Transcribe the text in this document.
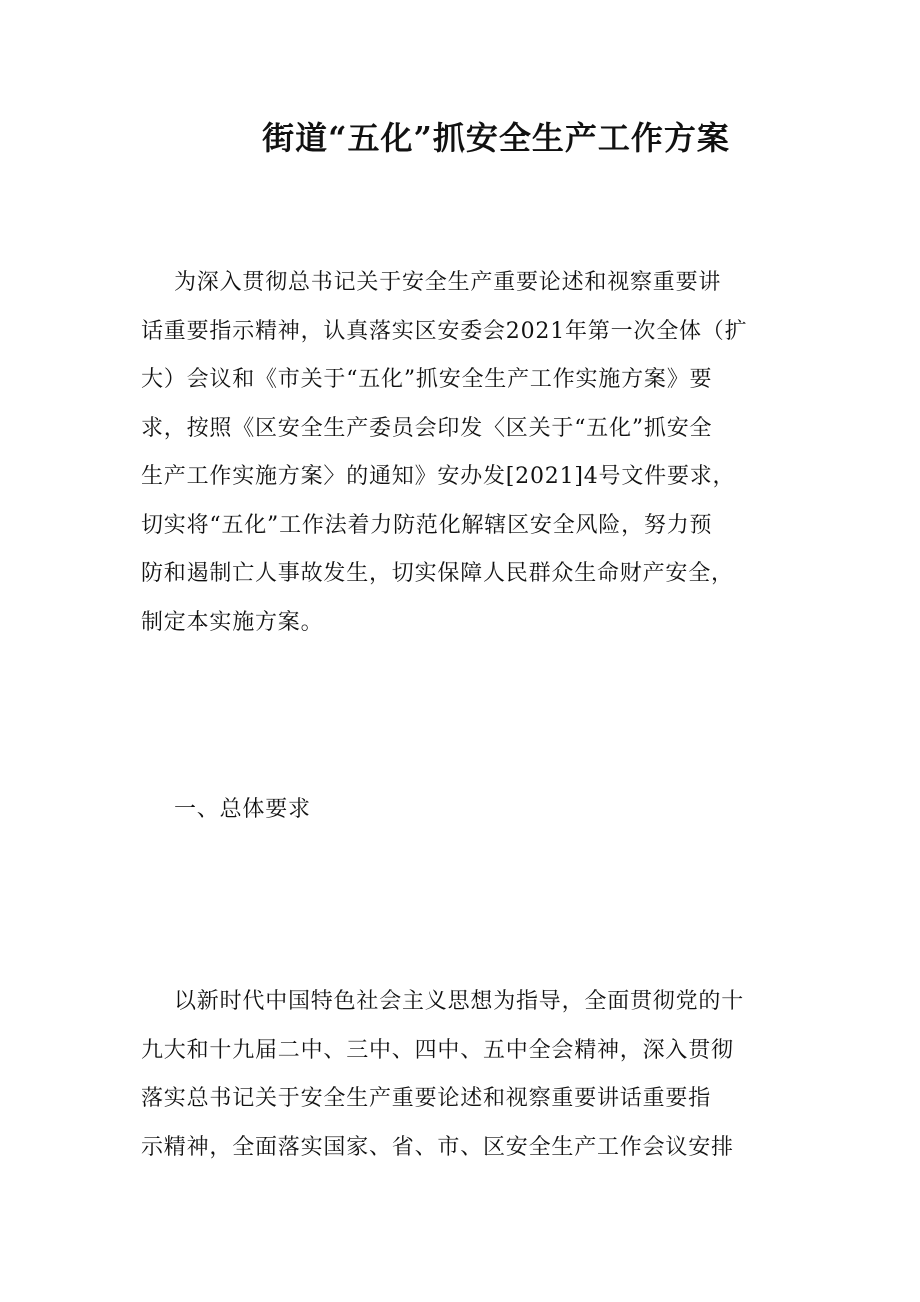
街道“五化”抓安全生产工作方案
为深入贯彻总书记关于安全生产重要论述和视察重要讲
话重要指示精神，认真落实区安委会2021年第一次全体（扩
大）会议和《市关于“五化”抓安全生产工作实施方案》要
求，按照《区安全生产委员会印发〈区关于“五化”抓安全
生产工作实施方案〉的通知》安办发[2021]4号文件要求，
切实将“五化”工作法着力防范化解辖区安全风险，努力预
防和遏制亡人事故发生，切实保障人民群众生命财产安全，
制定本实施方案。
一、总体要求
以新时代中国特色社会主义思想为指导，全面贯彻党的十
九大和十九届二中、三中、四中、五中全会精神，深入贯彻
落实总书记关于安全生产重要论述和视察重要讲话重要指
示精神，全面落实国家、省、市、区安全生产工作会议安排
